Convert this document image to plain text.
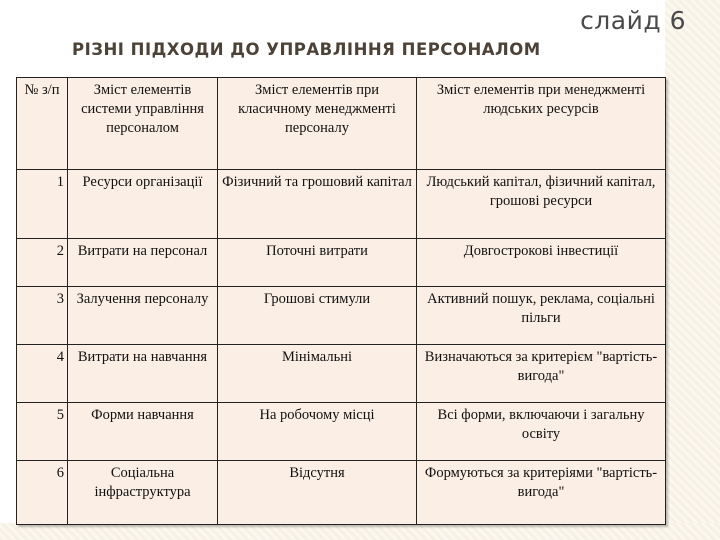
слайд 6
РІЗНІ ПІДХОДИ ДО УПРАВЛІННЯ ПЕРСОНАЛОМ
№ з/п	Зміст елементів системи управління персоналом	Зміст елементів при класичному менеджменті персоналу	Зміст елементів при менеджменті людських ресурсів
1	Ресурси організації	Фізичний та грошовий капітал	Людський капітал, фізичний капітал, грошові ресурси
2	Витрати на персонал	Поточні витрати	Довгострокові інвестиції
3	Залучення персоналу	Грошові стимули	Активний пошук, реклама, соціальні пільги
4	Витрати на навчання	Мінімальні	Визначаються за критерієм "вартість-вигода"
5	Форми навчання	На робочому місці	Всі форми, включаючи і загальну освіту
6	Соціальна інфраструктура	Відсутня	Формуються за критеріями "вартість-вигода"
